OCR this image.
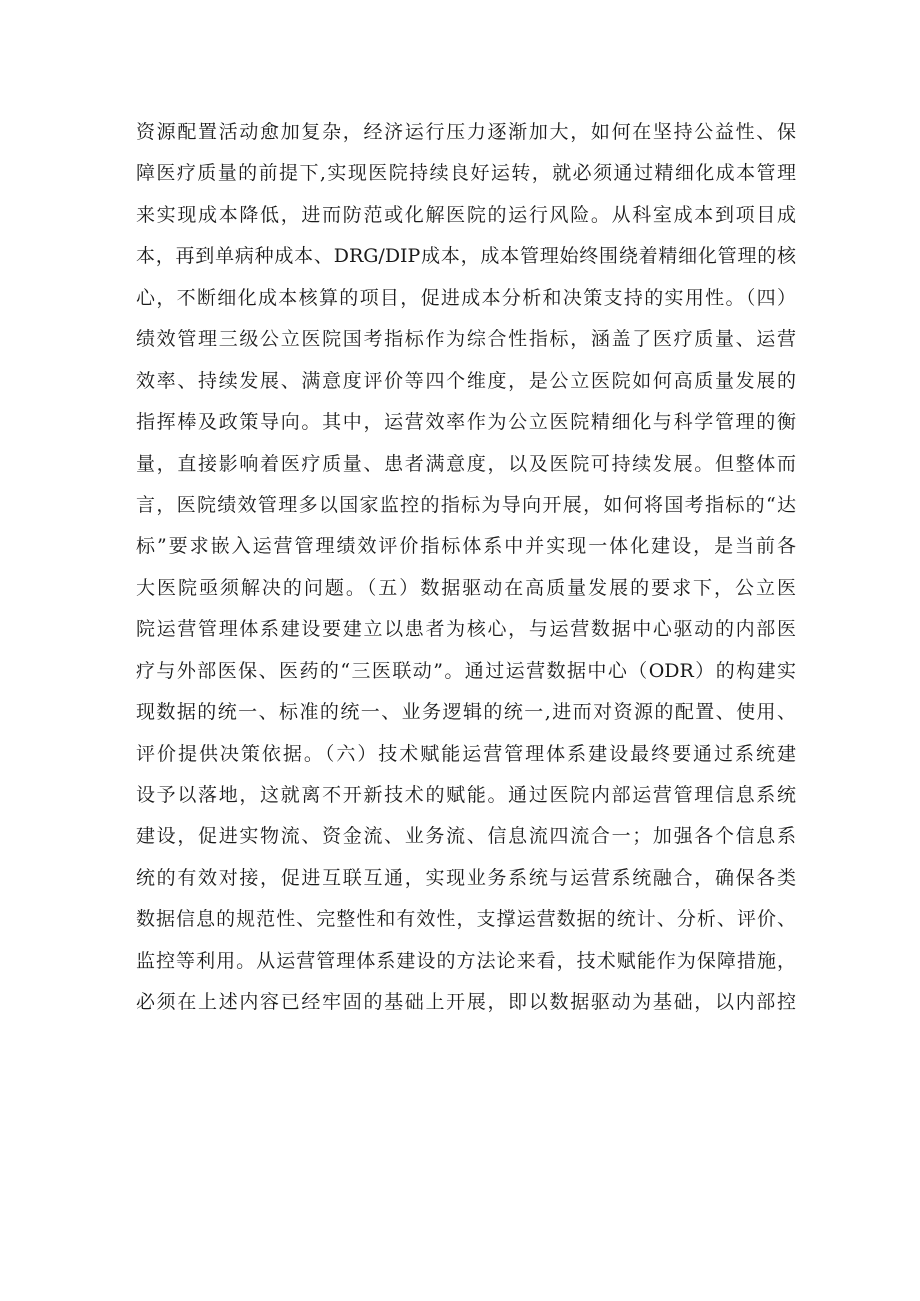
资源配置活动愈加复杂，经济运行压力逐渐加大，如何在坚持公益性、保
障医疗质量的前提下,实现医院持续良好运转，就必须通过精细化成本管理
来实现成本降低，进而防范或化解医院的运行风险。从科室成本到项目成
本，再到单病种成本、DRG/DIP成本，成本管理始终围绕着精细化管理的核
心，不断细化成本核算的项目，促进成本分析和决策支持的实用性。（四）
绩效管理三级公立医院国考指标作为综合性指标，涵盖了医疗质量、运营
效率、持续发展、满意度评价等四个维度，是公立医院如何高质量发展的
指挥棒及政策导向。其中，运营效率作为公立医院精细化与科学管理的衡
量，直接影响着医疗质量、患者满意度，以及医院可持续发展。但整体而
言，医院绩效管理多以国家监控的指标为导向开展，如何将国考指标的“达
标”要求嵌入运营管理绩效评价指标体系中并实现一体化建设，是当前各
大医院亟须解决的问题。（五）数据驱动在高质量发展的要求下，公立医
院运营管理体系建设要建立以患者为核心，与运营数据中心驱动的内部医
疗与外部医保、医药的“三医联动”。通过运营数据中心（ODR）的构建实
现数据的统一、标准的统一、业务逻辑的统一,进而对资源的配置、使用、
评价提供决策依据。（六）技术赋能运营管理体系建设最终要通过系统建
设予以落地，这就离不开新技术的赋能。通过医院内部运营管理信息系统
建设，促进实物流、资金流、业务流、信息流四流合一；加强各个信息系
统的有效对接，促进互联互通，实现业务系统与运营系统融合，确保各类
数据信息的规范性、完整性和有效性，支撑运营数据的统计、分析、评价、
监控等利用。从运营管理体系建设的方法论来看，技术赋能作为保障措施，
必须在上述内容已经牢固的基础上开展，即以数据驱动为基础，以内部控
